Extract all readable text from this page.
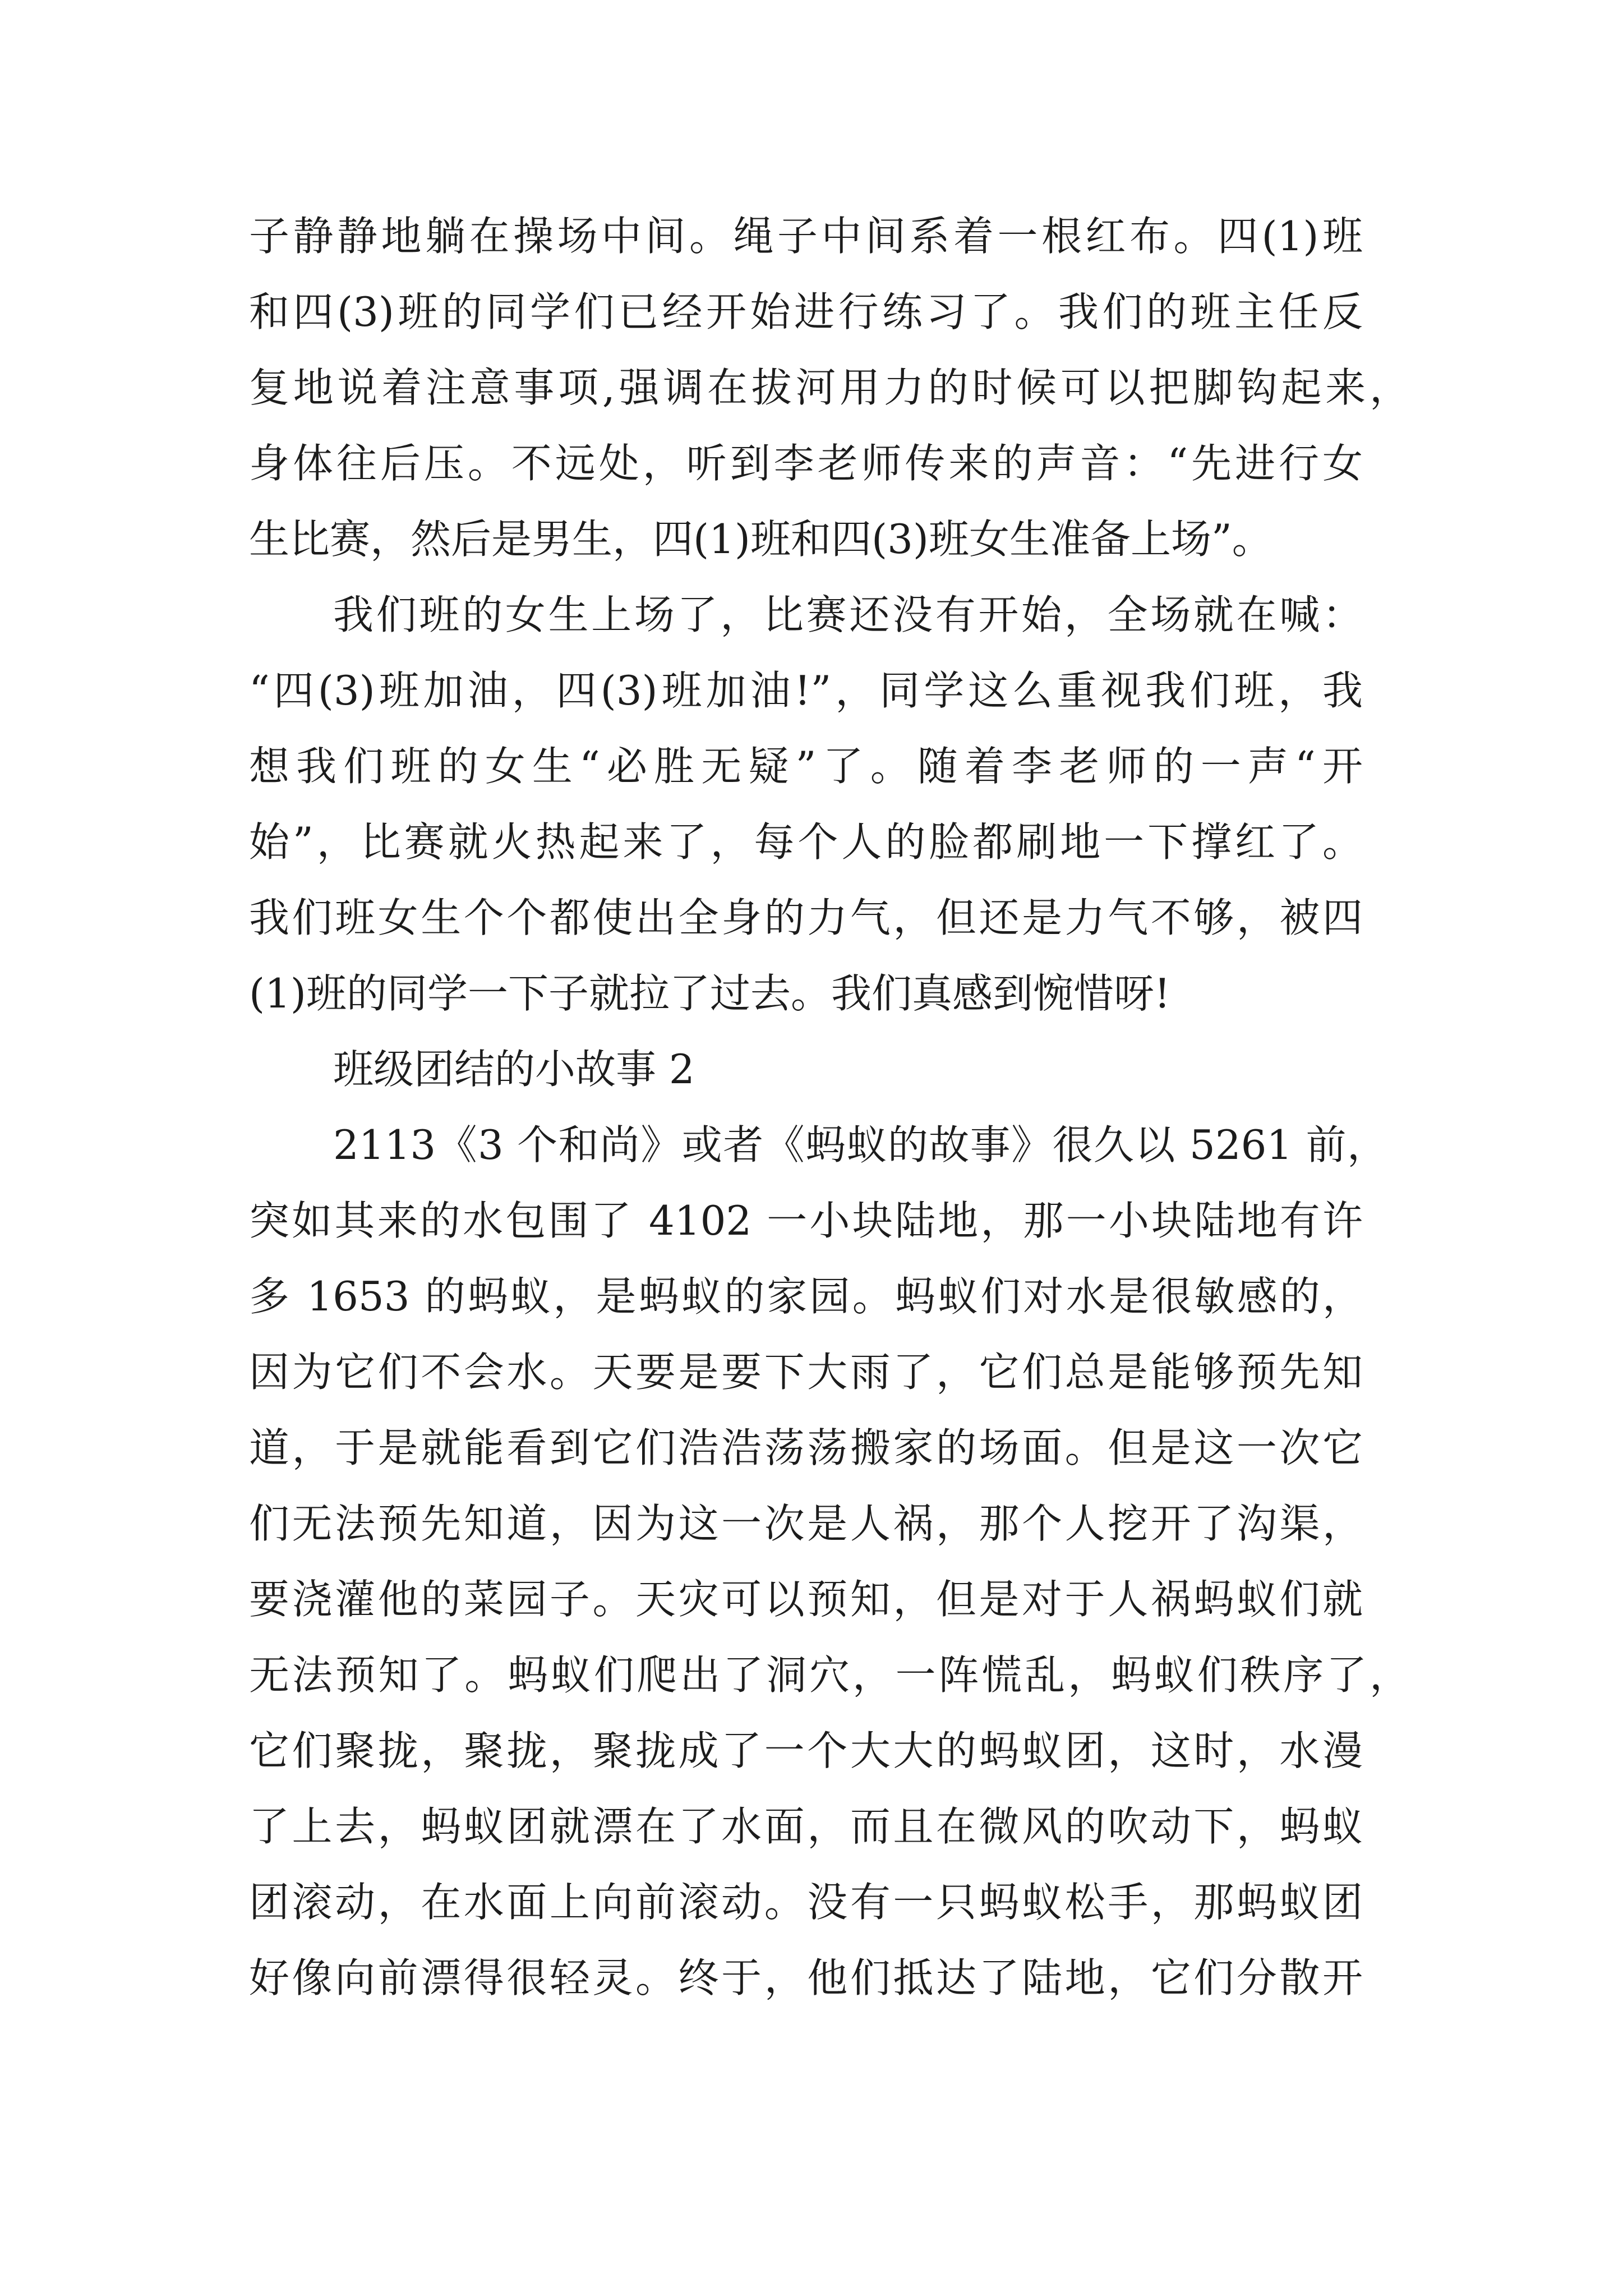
子静静地躺在操场中间。绳子中间系着一根红布。四(1)班
和四(3)班的同学们已经开始进行练习了。我们的班主任反
复地说着注意事项,强调在拔河用力的时候可以把脚钩起来，
身体往后压。不远处，听到李老师传来的声音：“先进行女
生比赛，然后是男生，四(1)班和四(3)班女生准备上场”。
我们班的女生上场了，比赛还没有开始，全场就在喊：
“四(3)班加油，四(3)班加油!”，同学这么重视我们班，我
想我们班的女生“必胜无疑”了。随着李老师的一声“开
始”，比赛就火热起来了，每个人的脸都刷地一下撑红了。
我们班女生个个都使出全身的力气，但还是力气不够，被四
(1)班的同学一下子就拉了过去。我们真感到惋惜呀!
班级团结的小故事 2
2113《3 个和尚》或者《蚂蚁的故事》很久以 5261 前，
突如其来的水包围了 4102 一小块陆地，那一小块陆地有许
多 1653 的蚂蚁，是蚂蚁的家园。蚂蚁们对水是很敏感的，
因为它们不会水。天要是要下大雨了，它们总是能够预先知
道，于是就能看到它们浩浩荡荡搬家的场面。但是这一次它
们无法预先知道，因为这一次是人祸，那个人挖开了沟渠，
要浇灌他的菜园子。天灾可以预知，但是对于人祸蚂蚁们就
无法预知了。蚂蚁们爬出了洞穴，一阵慌乱，蚂蚁们秩序了，
它们聚拢，聚拢，聚拢成了一个大大的蚂蚁团，这时，水漫
了上去，蚂蚁团就漂在了水面，而且在微风的吹动下，蚂蚁
团滚动，在水面上向前滚动。没有一只蚂蚁松手，那蚂蚁团
好像向前漂得很轻灵。终于，他们抵达了陆地，它们分散开
